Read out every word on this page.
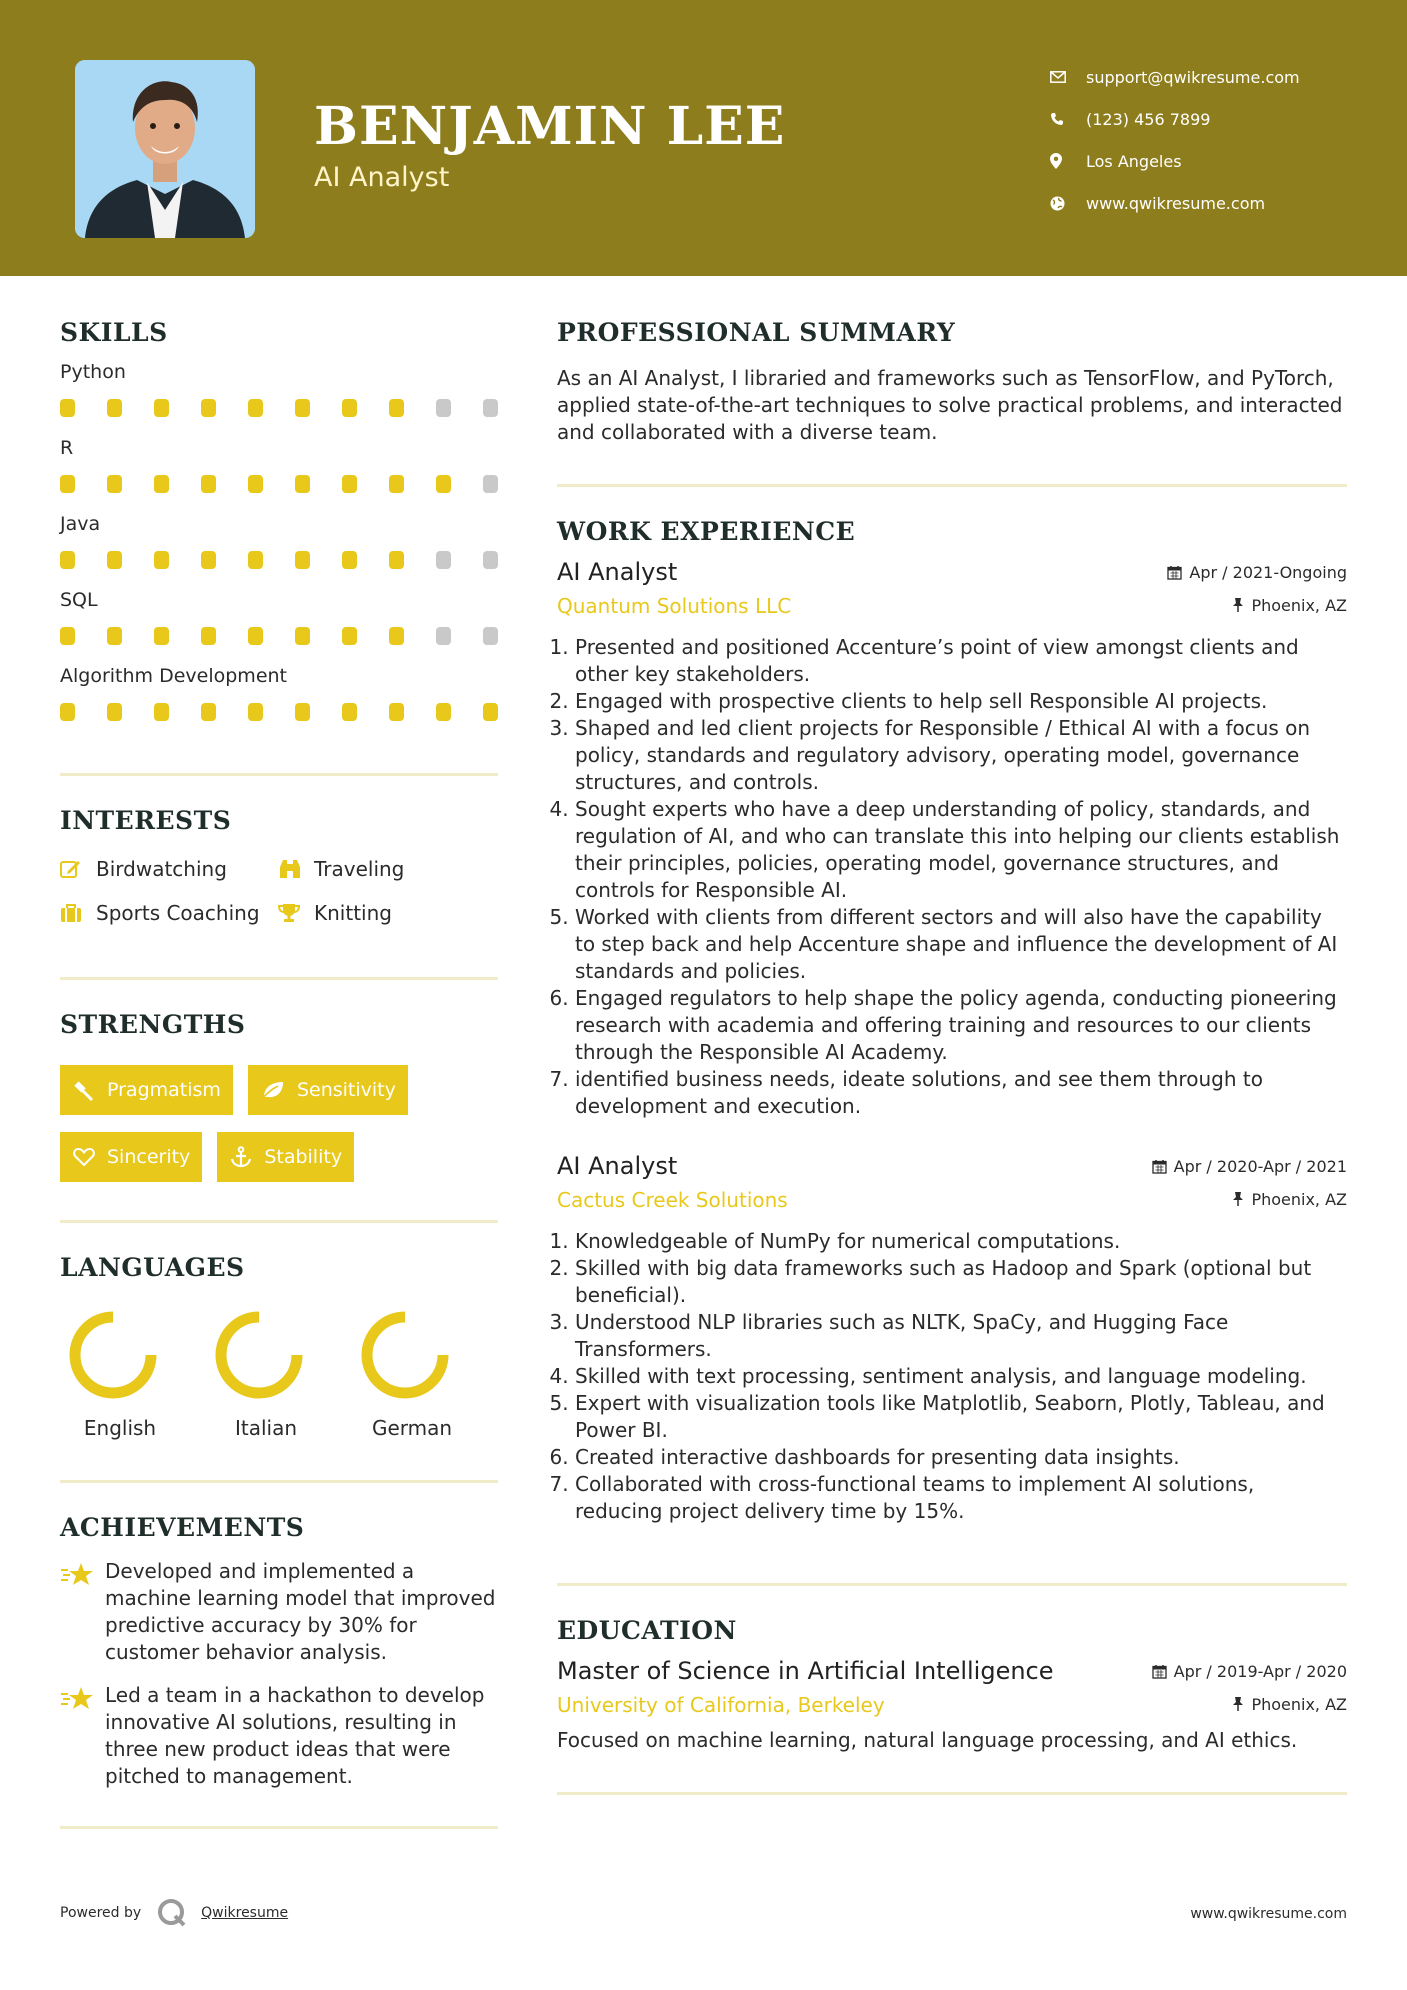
BENJAMIN LEE
AI Analyst
support@qwikresume.com
(123) 456 7899
Los Angeles
www.qwikresume.com
SKILLS
Python
R
Java
SQL
Algorithm Development
INTERESTS
Birdwatching	Traveling
Sports Coaching	Knitting
STRENGTHS
Pragmatism	Sensitivity
Sincerity	Stability
LANGUAGES
English	Italian	German
ACHIEVEMENTS
Developed and implemented a machine learning model that improved predictive accuracy by 30% for customer behavior analysis.
Led a team in a hackathon to develop innovative AI solutions, resulting in three new product ideas that were pitched to management.
PROFESSIONAL SUMMARY
As an AI Analyst, I libraried and frameworks such as TensorFlow, and PyTorch, applied state-of-the-art techniques to solve practical problems, and interacted and collaborated with a diverse team.
WORK EXPERIENCE
AI Analyst	Apr / 2021-Ongoing
Quantum Solutions LLC	Phoenix, AZ
1. Presented and positioned Accenture’s point of view amongst clients and other key stakeholders.
2. Engaged with prospective clients to help sell Responsible AI projects.
3. Shaped and led client projects for Responsible / Ethical AI with a focus on policy, standards and regulatory advisory, operating model, governance structures, and controls.
4. Sought experts who have a deep understanding of policy, standards, and regulation of AI, and who can translate this into helping our clients establish their principles, policies, operating model, governance structures, and controls for Responsible AI.
5. Worked with clients from different sectors and will also have the capability to step back and help Accenture shape and influence the development of AI standards and policies.
6. Engaged regulators to help shape the policy agenda, conducting pioneering research with academia and offering training and resources to our clients through the Responsible AI Academy.
7. identified business needs, ideate solutions, and see them through to development and execution.
AI Analyst	Apr / 2020-Apr / 2021
Cactus Creek Solutions	Phoenix, AZ
1. Knowledgeable of NumPy for numerical computations.
2. Skilled with big data frameworks such as Hadoop and Spark (optional but beneficial).
3. Understood NLP libraries such as NLTK, SpaCy, and Hugging Face Transformers.
4. Skilled with text processing, sentiment analysis, and language modeling.
5. Expert with visualization tools like Matplotlib, Seaborn, Plotly, Tableau, and Power BI.
6. Created interactive dashboards for presenting data insights.
7. Collaborated with cross-functional teams to implement AI solutions, reducing project delivery time by 15%.
EDUCATION
Master of Science in Artificial Intelligence	Apr / 2019-Apr / 2020
University of California, Berkeley	Phoenix, AZ
Focused on machine learning, natural language processing, and AI ethics.
Powered by	Qwikresume	www.qwikresume.com
